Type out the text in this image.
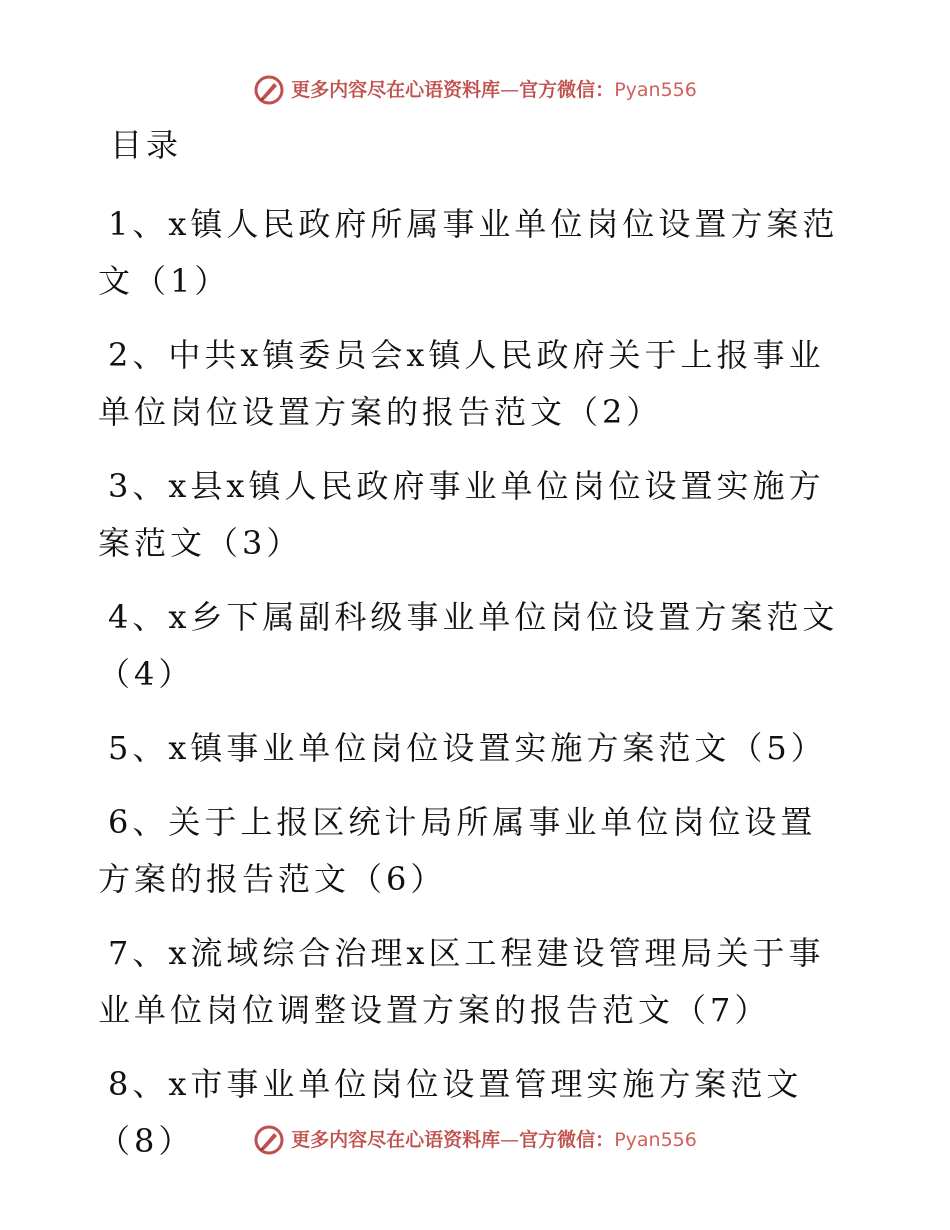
更多内容尽在心语资料库 — 官方微信： Pyan556
目录
1、x镇人民政府所属事业单位岗位设置方案范文（1）
2、中共x镇委员会x镇人民政府关于上报事业单位岗位设置方案的报告范文（2）
3、x县x镇人民政府事业单位岗位设置实施方案范文（3）
4、x乡下属副科级事业单位岗位设置方案范文（4）
5、x镇事业单位岗位设置实施方案范文（5）
6、关于上报区统计局所属事业单位岗位设置方案的报告范文（6）
7、x流域综合治理x区工程建设管理局关于事业单位岗位调整设置方案的报告范文（7）
8、x市事业单位岗位设置管理实施方案范文（8）	更多内容尽在心语资料库 — 官方微信： Pyan556
